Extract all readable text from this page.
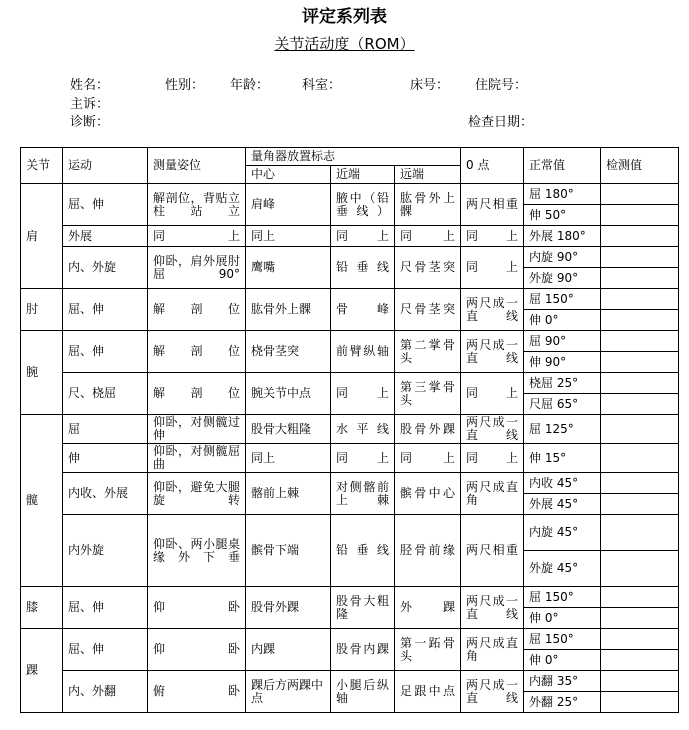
评定系列表
关节活动度（ROM）
姓名：	性别： 年龄：	科室：	床号： 住院号：
主诉：
诊断：	检查日期：
关节	运动	测量姿位	量角器放置标志			0 点	正常值	检测值
			中心	近端	远端			
肩	屈、伸	解剖位，背贴立柱站立	肩峰	腋中（铅垂线）	肱骨外上髁	两尺相重	屈 180°	
							伸 50°	
	外展	同上	同上	同上	同上	同上	外展 180°	
	内、外旋	仰卧，肩外展肘屈 90°	鹰嘴	铅垂线	尺骨茎突	同上	内旋 90°	
							外旋 90°	
肘	屈、伸	解剖位	肱骨外上髁	骨峰	尺骨茎突	两尺成一直线	屈 150°	
							伸 0°	
腕	屈、伸	解剖位	桡骨茎突	前臂纵轴	第二掌骨头	两尺成一直线	屈 90°	
							伸 90°	
	尺、桡屈	解剖位	腕关节中点	同上	第三掌骨头	同上	桡屈 25°	
							尺屈 65°	
髋	屈	仰卧，对侧髋过伸	股骨大粗隆	水平线	股骨外踝	两尺成一直线	屈 125°	
	伸	仰卧，对侧髋屈曲	同上	同上	同上	同上	伸 15°	
	内收、外展	仰卧，避免大腿旋转	髂前上棘	对侧髂前上棘	髌骨中心	两尺成直角	内收 45°	
							外展 45°	
	内外旋	仰卧、两小腿桌缘外下垂	髌骨下端	铅垂线	胫骨前缘	两尺相重	内旋 45°	
							外旋 45°	
膝	屈、伸	仰卧	股骨外踝	股骨大粗隆	外踝	两尺成一直线	屈 150°	
							伸 0°	
踝	屈、伸	仰卧	内踝	股骨内踝	第一跖骨头	两尺成直角	屈 150°	
							伸 0°	
	内、外翻	俯卧	踝后方两踝中点	小腿后纵轴	足跟中点	两尺成一直线	内翻 35°	
							外翻 25°	
